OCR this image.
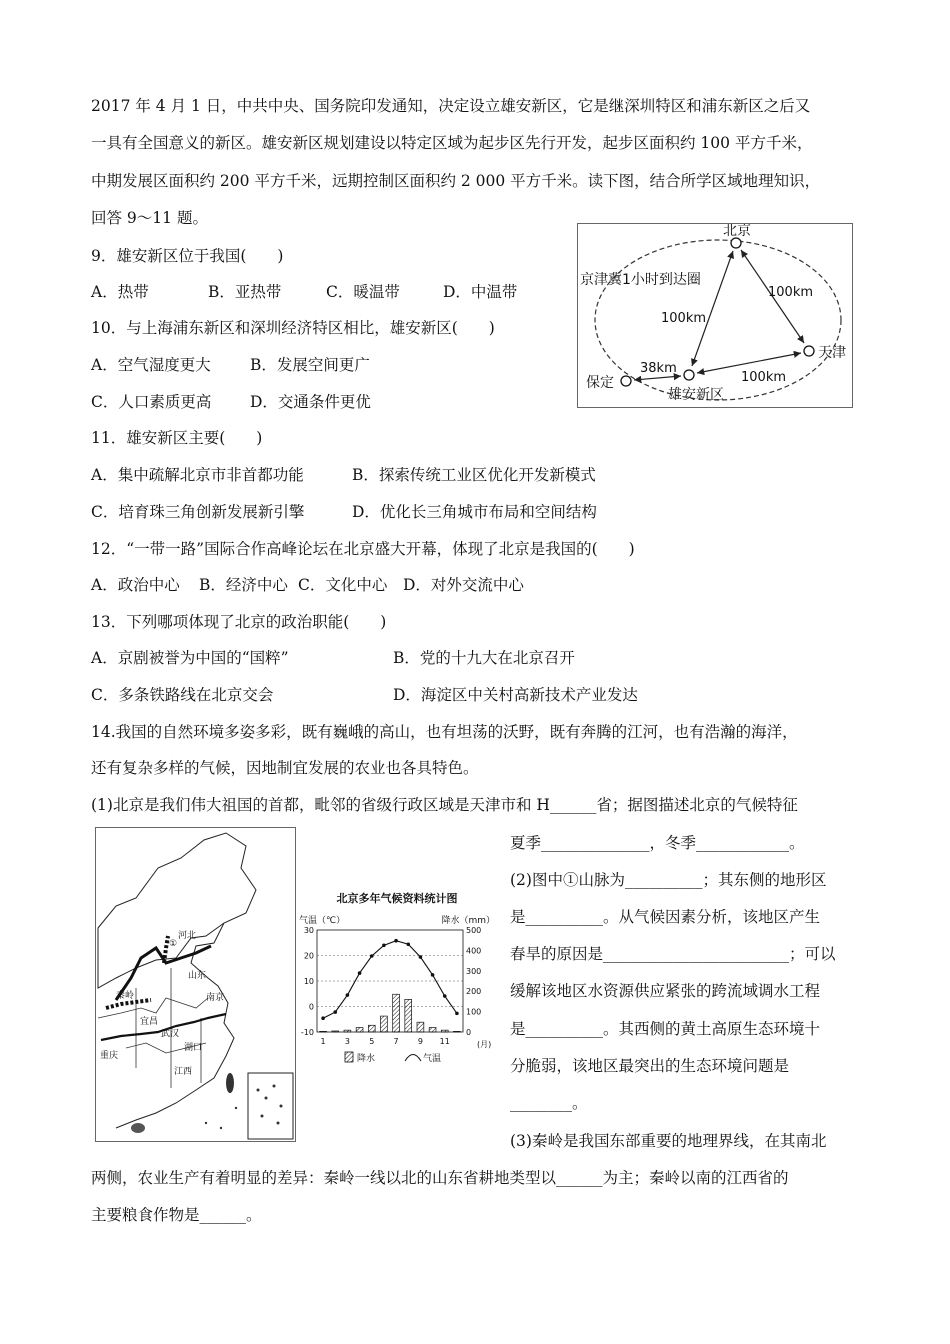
2017 年 4 月 1 日，中共中央、国务院印发通知，决定设立雄安新区，它是继深圳特区和浦东新区之后又
一具有全国意义的新区。雄安新区规划建设以特定区域为起步区先行开发，起步区面积约 100 平方千米，
中期发展区面积约 200 平方千米，远期控制区面积约 2 000 平方千米。读下图，结合所学区域地理知识，
回答 9～11 题。
9．雄安新区位于我国(　　)
A．热带	B．亚热带	C．暖温带	D．中温带
10．与上海浦东新区和深圳经济特区相比，雄安新区(　　)
A．空气湿度更大	B．发展空间更广
C．人口素质更高 D．交通条件更优
11．雄安新区主要(　　)
A．集中疏解北京市非首都功能	B．探索传统工业区优化开发新模式
C．培育珠三角创新发展新引擎	D．优化长三角城市布局和空间结构
12．“一带一路”国际合作高峰论坛在北京盛大开幕，体现了北京是我国的(　　)
A．政治中心 B．经济中心 C．文化中心 D．对外交流中心
13．下列哪项体现了北京的政治职能(　　)
A．京剧被誉为中国的“国粹”	B．党的十九大在北京召开
C．多条铁路线在北京交会	D．海淀区中关村高新技术产业发达
14.我国的自然环境多姿多彩，既有巍峨的高山，也有坦荡的沃野，既有奔腾的江河，也有浩瀚的海洋，
还有复杂多样的气候，因地制宜发展的农业也各具特色。
(1)北京是我们伟大祖国的首都，毗邻的省级行政区域是天津市和 H______省；据图描述北京的气候特征
夏季______________，冬季____________。
(2)图中①山脉为__________；其东侧的地形区
是__________。从气候因素分析，该地区产生
春旱的原因是________________________；可以
缓解该地区水资源供应紧张的跨流域调水工程
是__________。其西侧的黄土高原生态环境十
分脆弱，该地区最突出的生态环境问题是
________。
(3)秦岭是我国东部重要的地理界线，在其南北
两侧，农业生产有着明显的差异：秦岭一线以北的山东省耕地类型以______为主；秦岭以南的江西省的
主要粮食作物是______。
北京
天津
保定
雄安新区
京津冀1小时到达圈
100km
100km
100km
38km
①
河北
山东
南京
秦岭
重庆
宜昌
武汉
湖口
江西
北京多年气候资料统计图
气温（℃）	降水（mm）
30
20
10
0
-10
500
400
300
200
100
0
1 3 5 7 9 11	(月)
降水	气温
